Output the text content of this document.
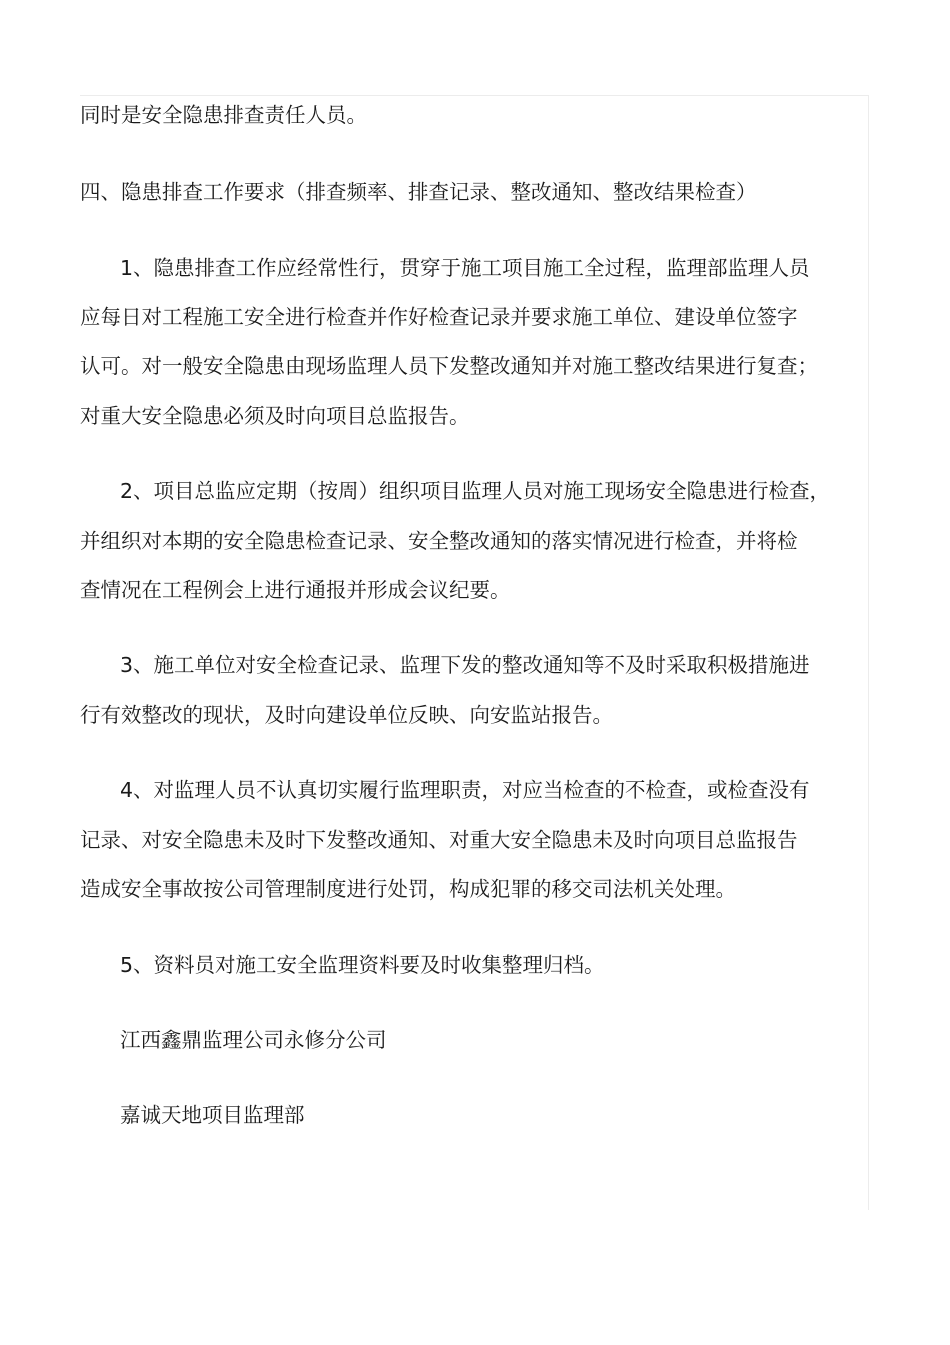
同时是安全隐患排查责任人员。
四、隐患排查工作要求（排查频率、排查记录、整改通知、整改结果检查）
1、隐患排查工作应经常性行，贯穿于施工项目施工全过程，监理部监理人员
应每日对工程施工安全进行检查并作好检查记录并要求施工单位、建设单位签字
认可。对一般安全隐患由现场监理人员下发整改通知并对施工整改结果进行复查；
对重大安全隐患必须及时向项目总监报告。
2、项目总监应定期（按周）组织项目监理人员对施工现场安全隐患进行检查，
并组织对本期的安全隐患检查记录、安全整改通知的落实情况进行检查，并将检
查情况在工程例会上进行通报并形成会议纪要。
3、施工单位对安全检查记录、监理下发的整改通知等不及时采取积极措施进
行有效整改的现状，及时向建设单位反映、向安监站报告。
4、对监理人员不认真切实履行监理职责，对应当检查的不检查，或检查没有
记录、对安全隐患未及时下发整改通知、对重大安全隐患未及时向项目总监报告
造成安全事故按公司管理制度进行处罚，构成犯罪的移交司法机关处理。
5、资料员对施工安全监理资料要及时收集整理归档。
江西鑫鼎监理公司永修分公司
嘉诚天地项目监理部
